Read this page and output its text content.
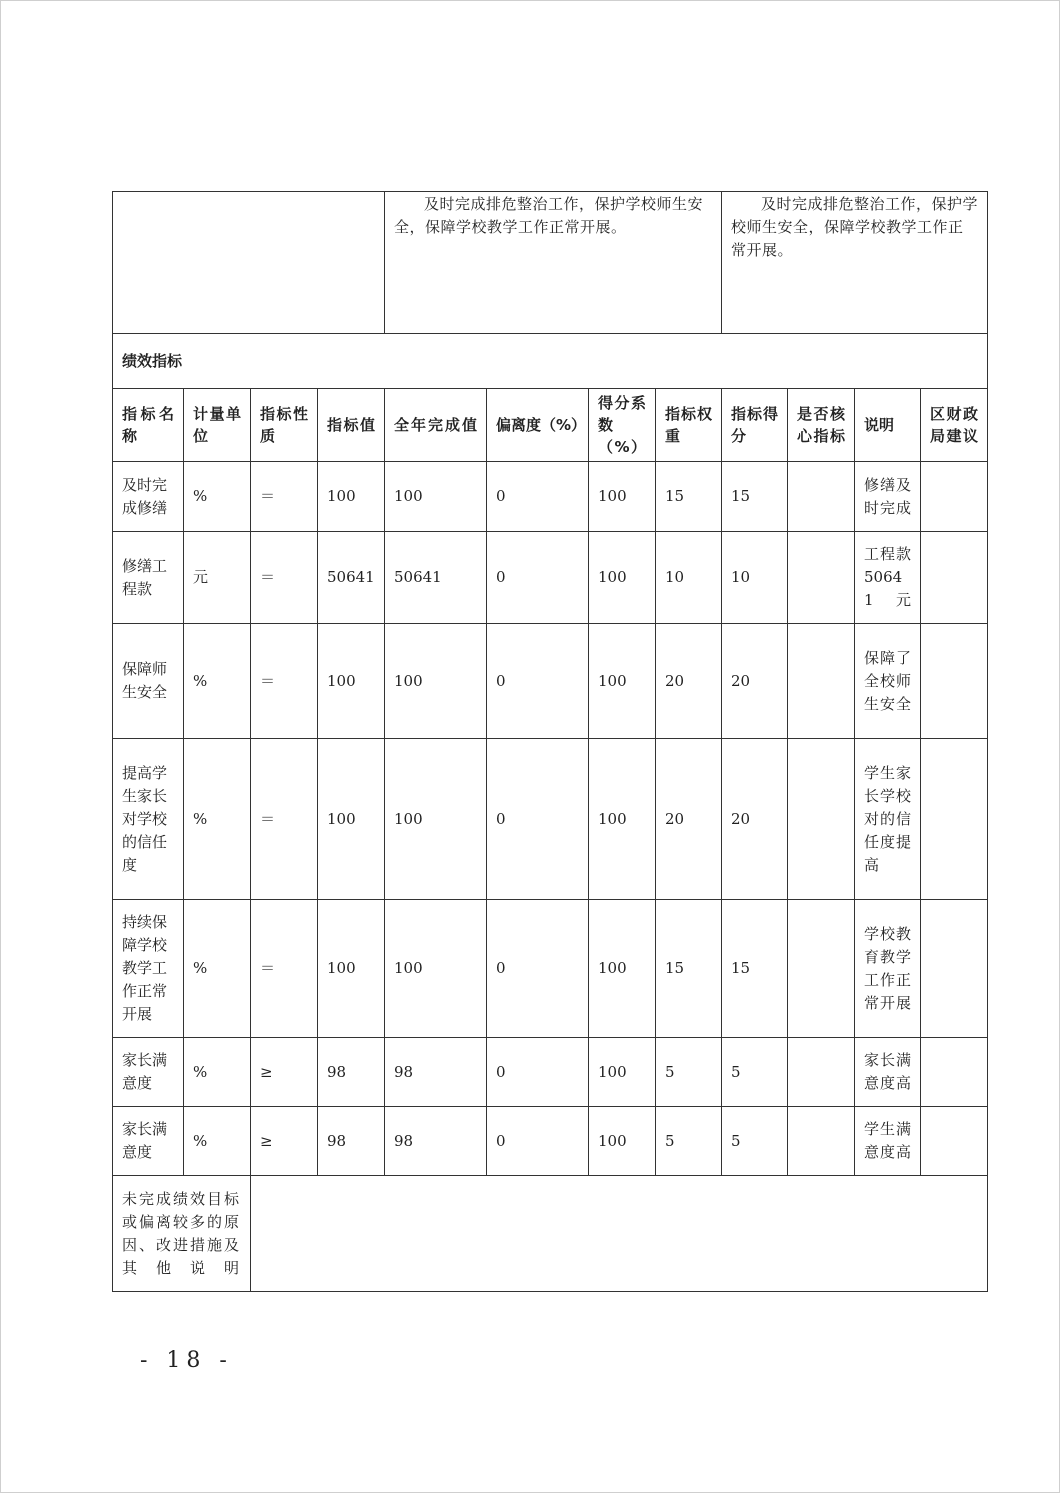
				及时完成排危整治工作，保护学校师生安全，保障学校教学工作正常开展。				及时完成排危整治工作，保护学校师生安全，保障学校教学工作正常开展。			
绩效指标											
指标名称	计量单位	指标性质	指标值	全年完成值	偏离度（%）	得分系数（%）	指标权重	指标得分	是否核心指标	说明	区财政局建议
及时完成修缮	%	＝	100	100	0	100	15	15		修缮及时完成	
修缮工程款	元	＝	50641	50641	0	100	10	10		工程款50641元	
保障师生安全	%	＝	100	100	0	100	20	20		保障了全校师生安全	
提高学生家长对学校的信任度	%	＝	100	100	0	100	20	20		学生家长学校对的信任度提高	
持续保障学校教学工作正常开展	%	＝	100	100	0	100	15	15		学校教育教学工作正常开展	
家长满意度	%	≥	98	98	0	100	5	5		家长满意度高	
家长满意度	%	≥	98	98	0	100	5	5		学生满意度高	
未完成绩效目标或偏离较多的原因、改进措施及其他说明											
- 18 -
